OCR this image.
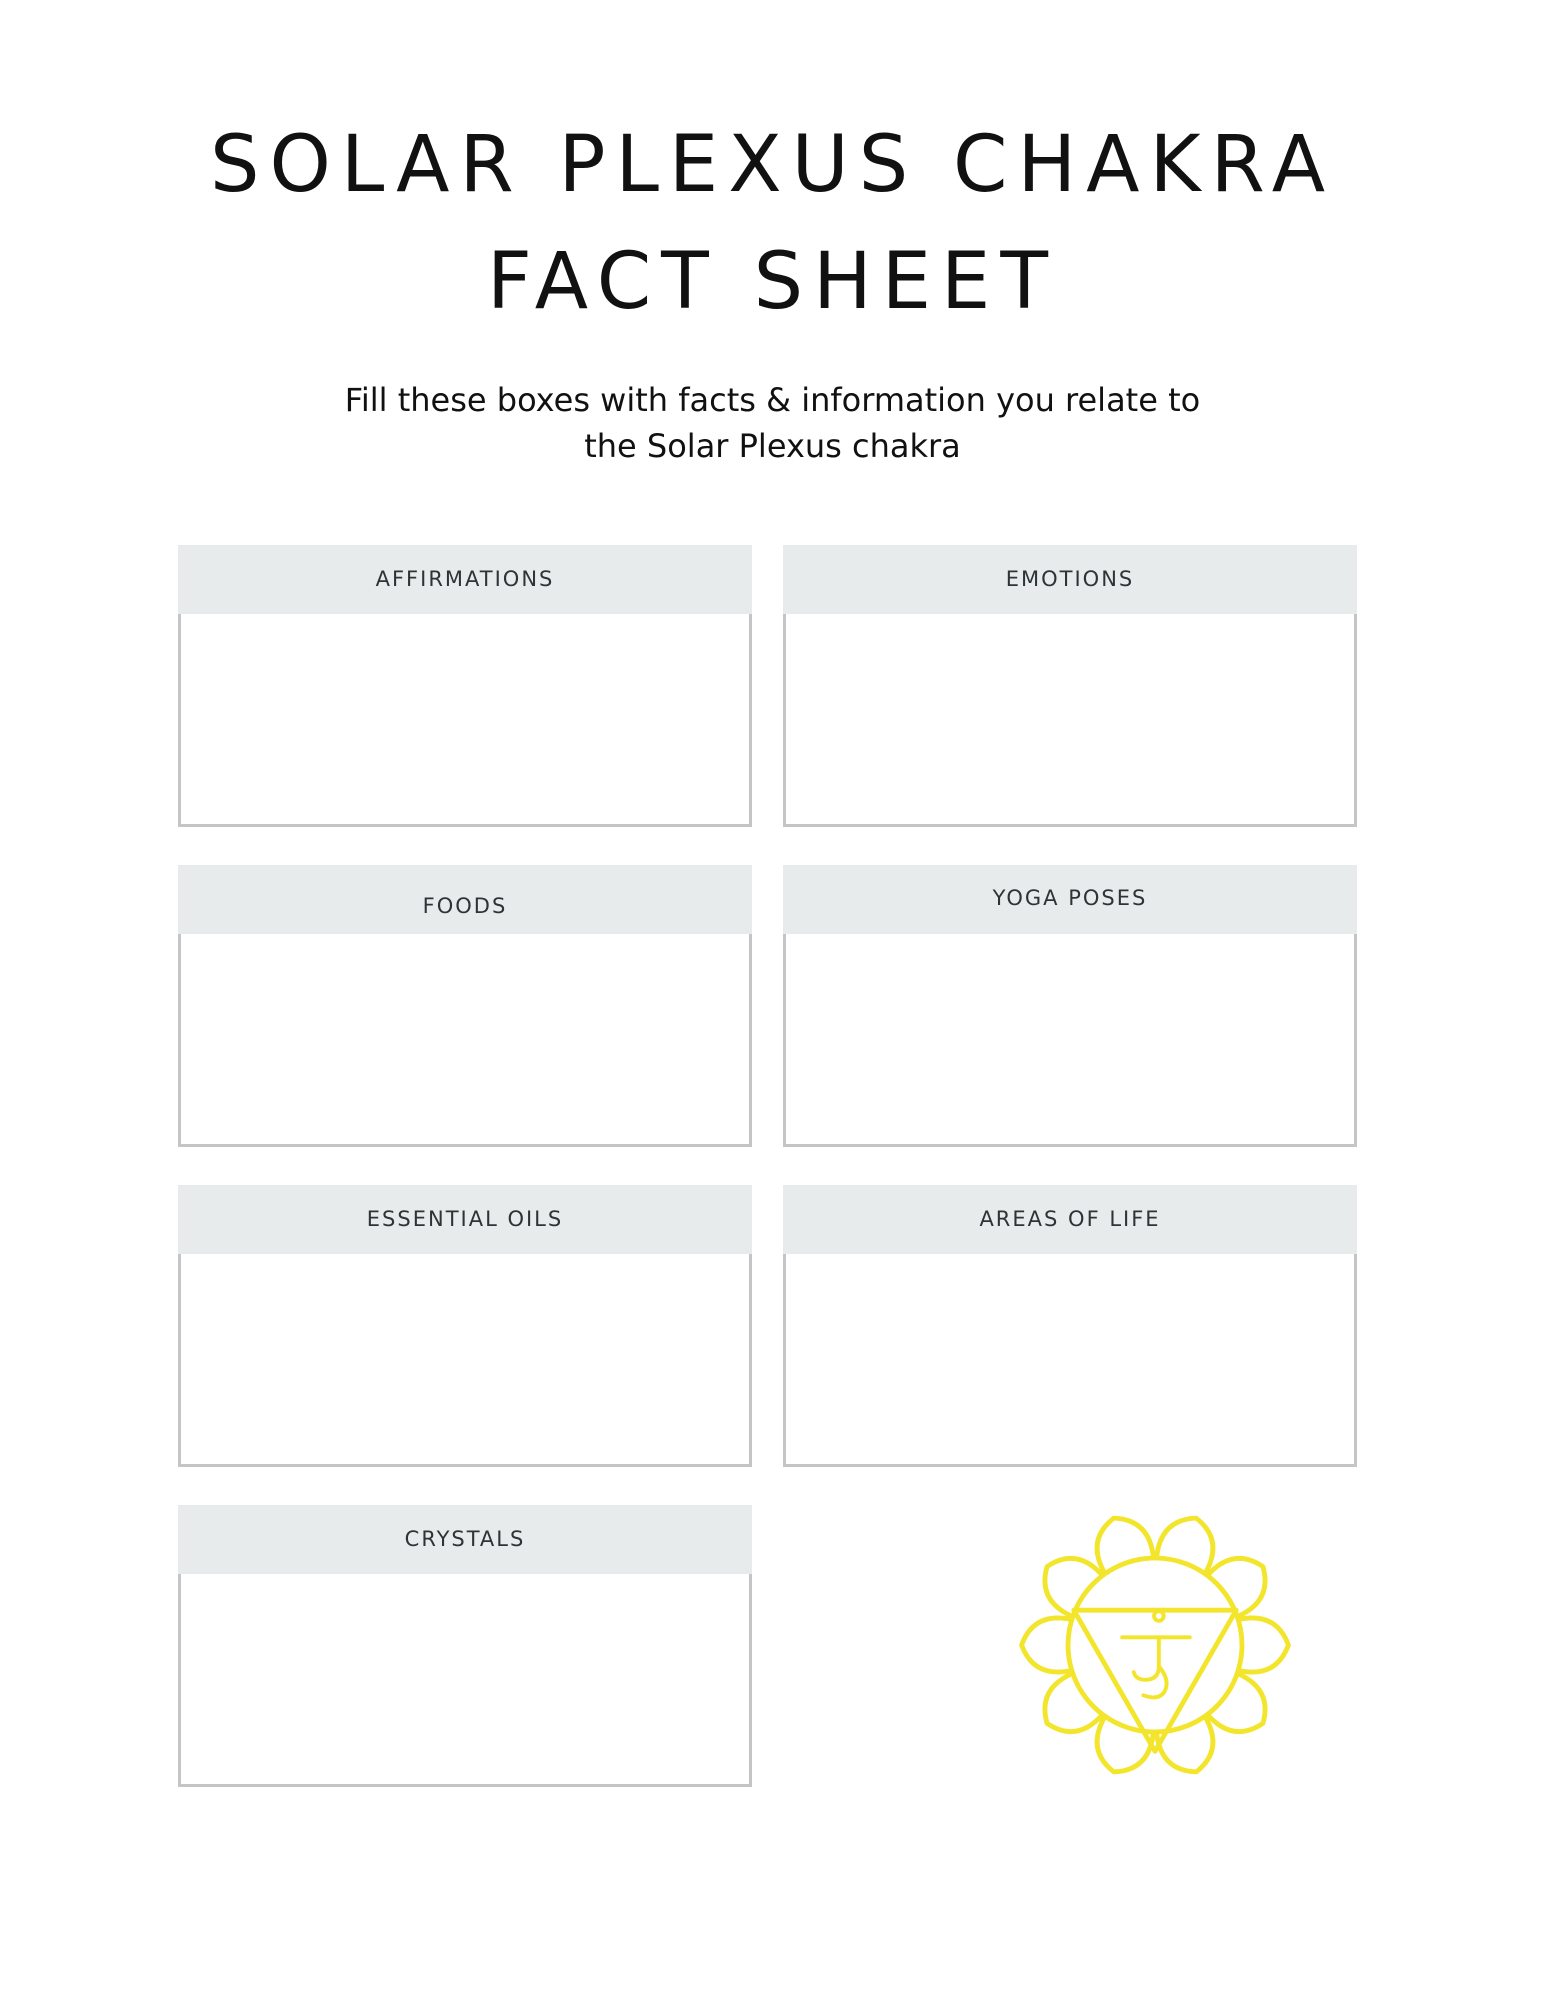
SOLAR PLEXUS CHAKRA
FACT SHEET
Fill these boxes with facts & information you relate to
the Solar Plexus chakra
AFFIRMATIONS	EMOTIONS
FOODS	YOGA POSES
ESSENTIAL OILS	AREAS OF LIFE
CRYSTALS
